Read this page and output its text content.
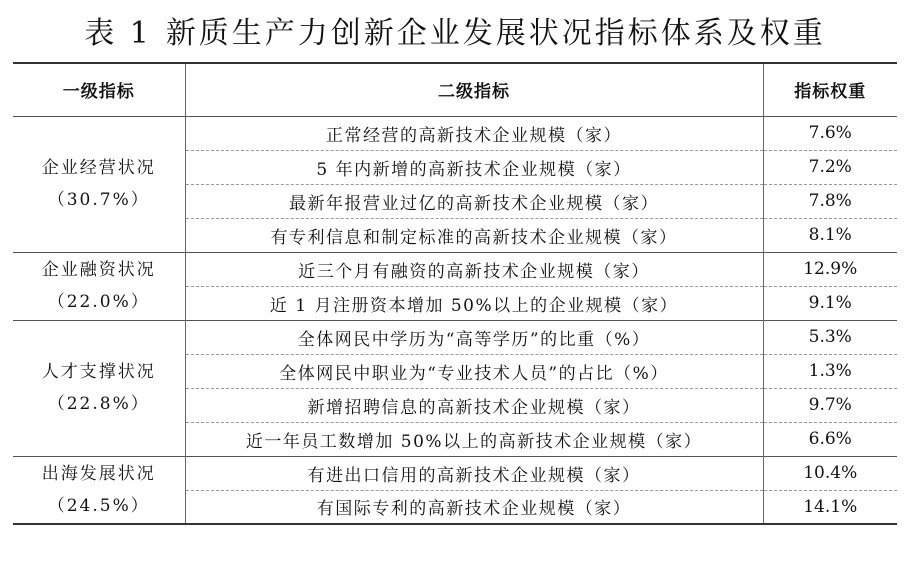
表 1 新质生产力创新企业发展状况指标体系及权重
一级指标	二级指标	指标权重

企业经营状况
（30.7%）	正常经营的高新技术企业规模（家）	7.6%
	5 年内新增的高新技术企业规模（家）	7.2%
	最新年报营业过亿的高新技术企业规模（家）	7.8%
	有专利信息和制定标准的高新技术企业规模（家）	8.1%

企业融资状况
（22.0%）	近三个月有融资的高新技术企业规模（家）	12.9%
	近 1 月注册资本增加 50%以上的企业规模（家）	9.1%

人才支撑状况
（22.8%）	全体网民中学历为“高等学历”的比重（%）	5.3%
	全体网民中职业为“专业技术人员”的占比（%）	1.3%
	新增招聘信息的高新技术企业规模（家）	9.7%
	近一年员工数增加 50%以上的高新技术企业规模（家）	6.6%

出海发展状况
（24.5%）	有进出口信用的高新技术企业规模（家）	10.4%
	有国际专利的高新技术企业规模（家）	14.1%
